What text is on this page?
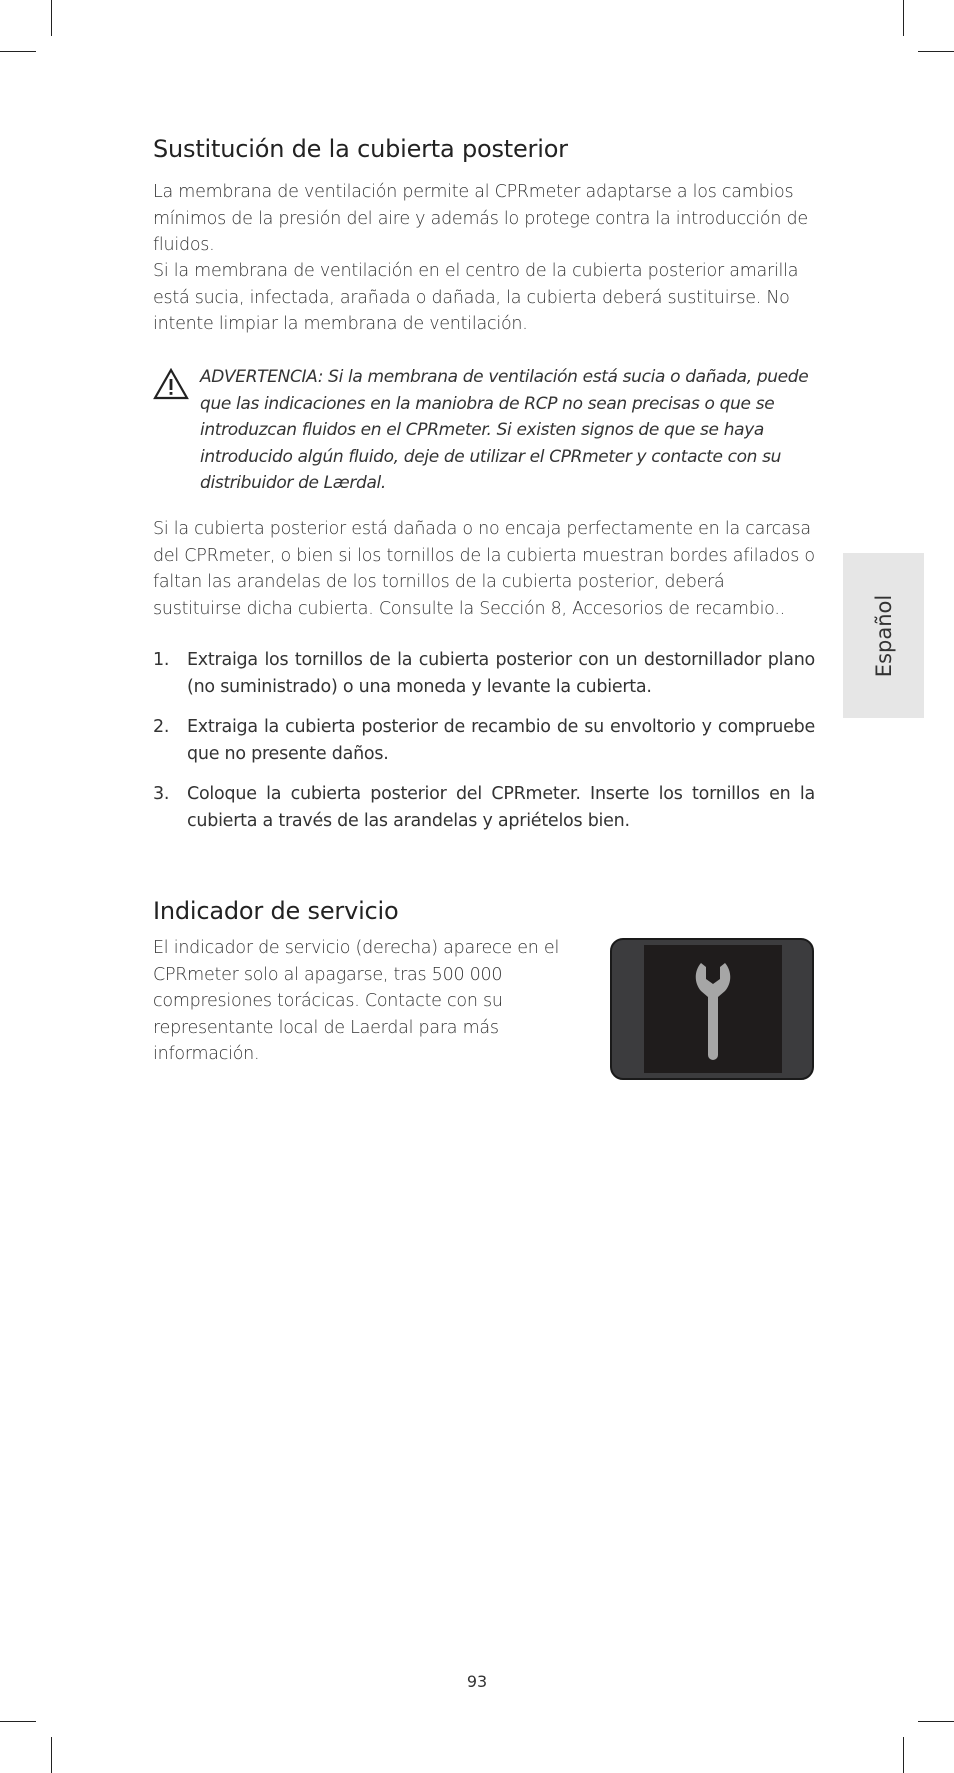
Sustitución de la cubierta posterior

La membrana de ventilación permite al CPRmeter adaptarse a los cambios mínimos de la presión del aire y además lo protege contra la introducción de fluidos.

Si la membrana de ventilación en el centro de la cubierta posterior amarilla está sucia, infectada, arañada o dañada, la cubierta deberá sustituirse. No intente limpiar la membrana de ventilación.

ADVERTENCIA: Si la membrana de ventilación está sucia o dañada, puede que las indicaciones en la maniobra de RCP no sean precisas o que se introduzcan fluidos en el CPRmeter. Si existen signos de que se haya introducido algún fluido, deje de utilizar el CPRmeter y contacte con su distribuidor de Lærdal.

Si la cubierta posterior está dañada o no encaja perfectamente en la carcasa del CPRmeter, o bien si los tornillos de la cubierta muestran bordes afilados o faltan las arandelas de los tornillos de la cubierta posterior, deberá sustituirse dicha cubierta. Consulte la Sección 8, Accesorios de recambio..

1. Extraiga los tornillos de la cubierta posterior con un destornillador plano (no suministrado) o una moneda y levante la cubierta.
2. Extraiga la cubierta posterior de recambio de su envoltorio y compruebe que no presente daños.
3. Coloque la cubierta posterior del CPRmeter. Inserte los tornillos en la cubierta a través de las arandelas y apriételos bien.
Indicador de servicio

El indicador de servicio (derecha) aparece en el CPRmeter solo al apagarse, tras 500 000 compresiones torácicas. Contacte con su representante local de Laerdal para más información.

Español
93
